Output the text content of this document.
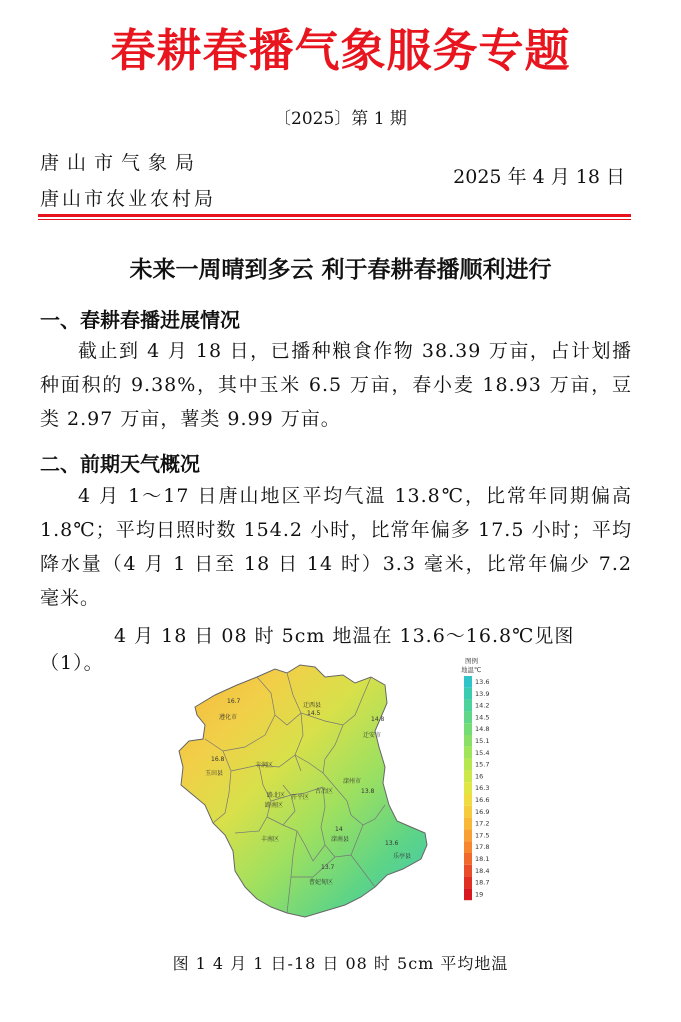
春耕春播气象服务专题
〔2025〕第 1 期
唐山市气象局
唐山市农业农村局
2025 年 4 月 18 日
未来一周晴到多云 利于春耕春播顺利进行
一、春耕春播进展情况
截止到 4 月 18 日，已播种粮食作物 38.39 万亩，占计划播种面积的 9.38%，其中玉米 6.5 万亩，春小麦 18.93 万亩，豆类 2.97 万亩，薯类 9.99 万亩。
二、前期天气概况
4 月 1～17 日唐山地区平均气温 13.8℃，比常年同期偏高 1.8℃；平均日照时数 154.2 小时，比常年偏多 17.5 小时；平均降水量（4 月 1 日至 18 日 14 时）3.3 毫米，比常年偏少 7.2 毫米。
4 月 18 日 08 时 5cm 地温在 13.6～16.8℃见图（1）。
16.7
遵化市
迁西县
14.5
14.8
迁安市
16.8
玉田县
丰润区
路北区
古冶区
路南区
开平区
滦州市
13.8
丰南区
14
滦南县
13.6
乐亭县
13.7
曹妃甸区
图例
地温℃
13.6
13.9
14.2
14.5
14.8
15.1
15.4
15.7
16
16.3
16.6
16.9
17.2
17.5
17.8
18.1
18.4
18.7
19
图 1 4 月 1 日-18 日 08 时 5cm 平均地温
